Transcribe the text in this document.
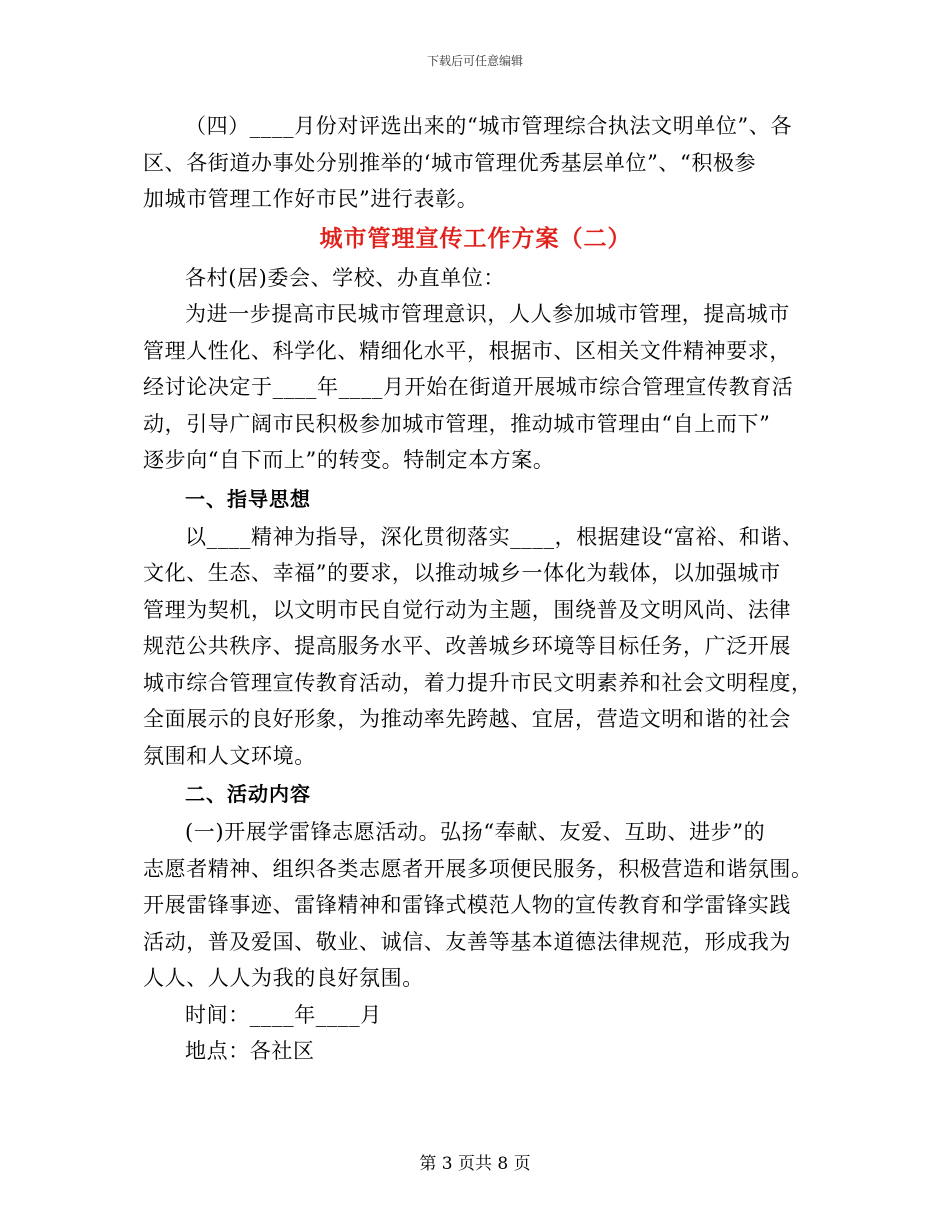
下载后可任意编辑
（四）____月份对评选出来的“城市管理综合执法文明单位”、各
区、各街道办事处分别推举的‘城市管理优秀基层单位”、“积极参
加城市管理工作好市民”进行表彰。
城市管理宣传工作方案（二）
各村(居)委会、学校、办直单位：
为进一步提高市民城市管理意识，人人参加城市管理，提高城市
管理人性化、科学化、精细化水平，根据市、区相关文件精神要求，
经讨论决定于____年____月开始在街道开展城市综合管理宣传教育活
动，引导广阔市民积极参加城市管理，推动城市管理由“自上而下”
逐步向“自下而上”的转变。特制定本方案。
一、指导思想
以____精神为指导，深化贯彻落实____，根据建设“富裕、和谐、
文化、生态、幸福”的要求，以推动城乡一体化为载体，以加强城市
管理为契机，以文明市民自觉行动为主题，围绕普及文明风尚、法律
规范公共秩序、提高服务水平、改善城乡环境等目标任务，广泛开展
城市综合管理宣传教育活动，着力提升市民文明素养和社会文明程度，
全面展示的良好形象，为推动率先跨越、宜居，营造文明和谐的社会
氛围和人文环境。
二、活动内容
(一)开展学雷锋志愿活动。弘扬“奉献、友爱、互助、进步”的
志愿者精神、组织各类志愿者开展多项便民服务，积极营造和谐氛围。
开展雷锋事迹、雷锋精神和雷锋式模范人物的宣传教育和学雷锋实践
活动，普及爱国、敬业、诚信、友善等基本道德法律规范，形成我为
人人、人人为我的良好氛围。
时间：____年____月
地点：各社区
第 3 页共 8 页
